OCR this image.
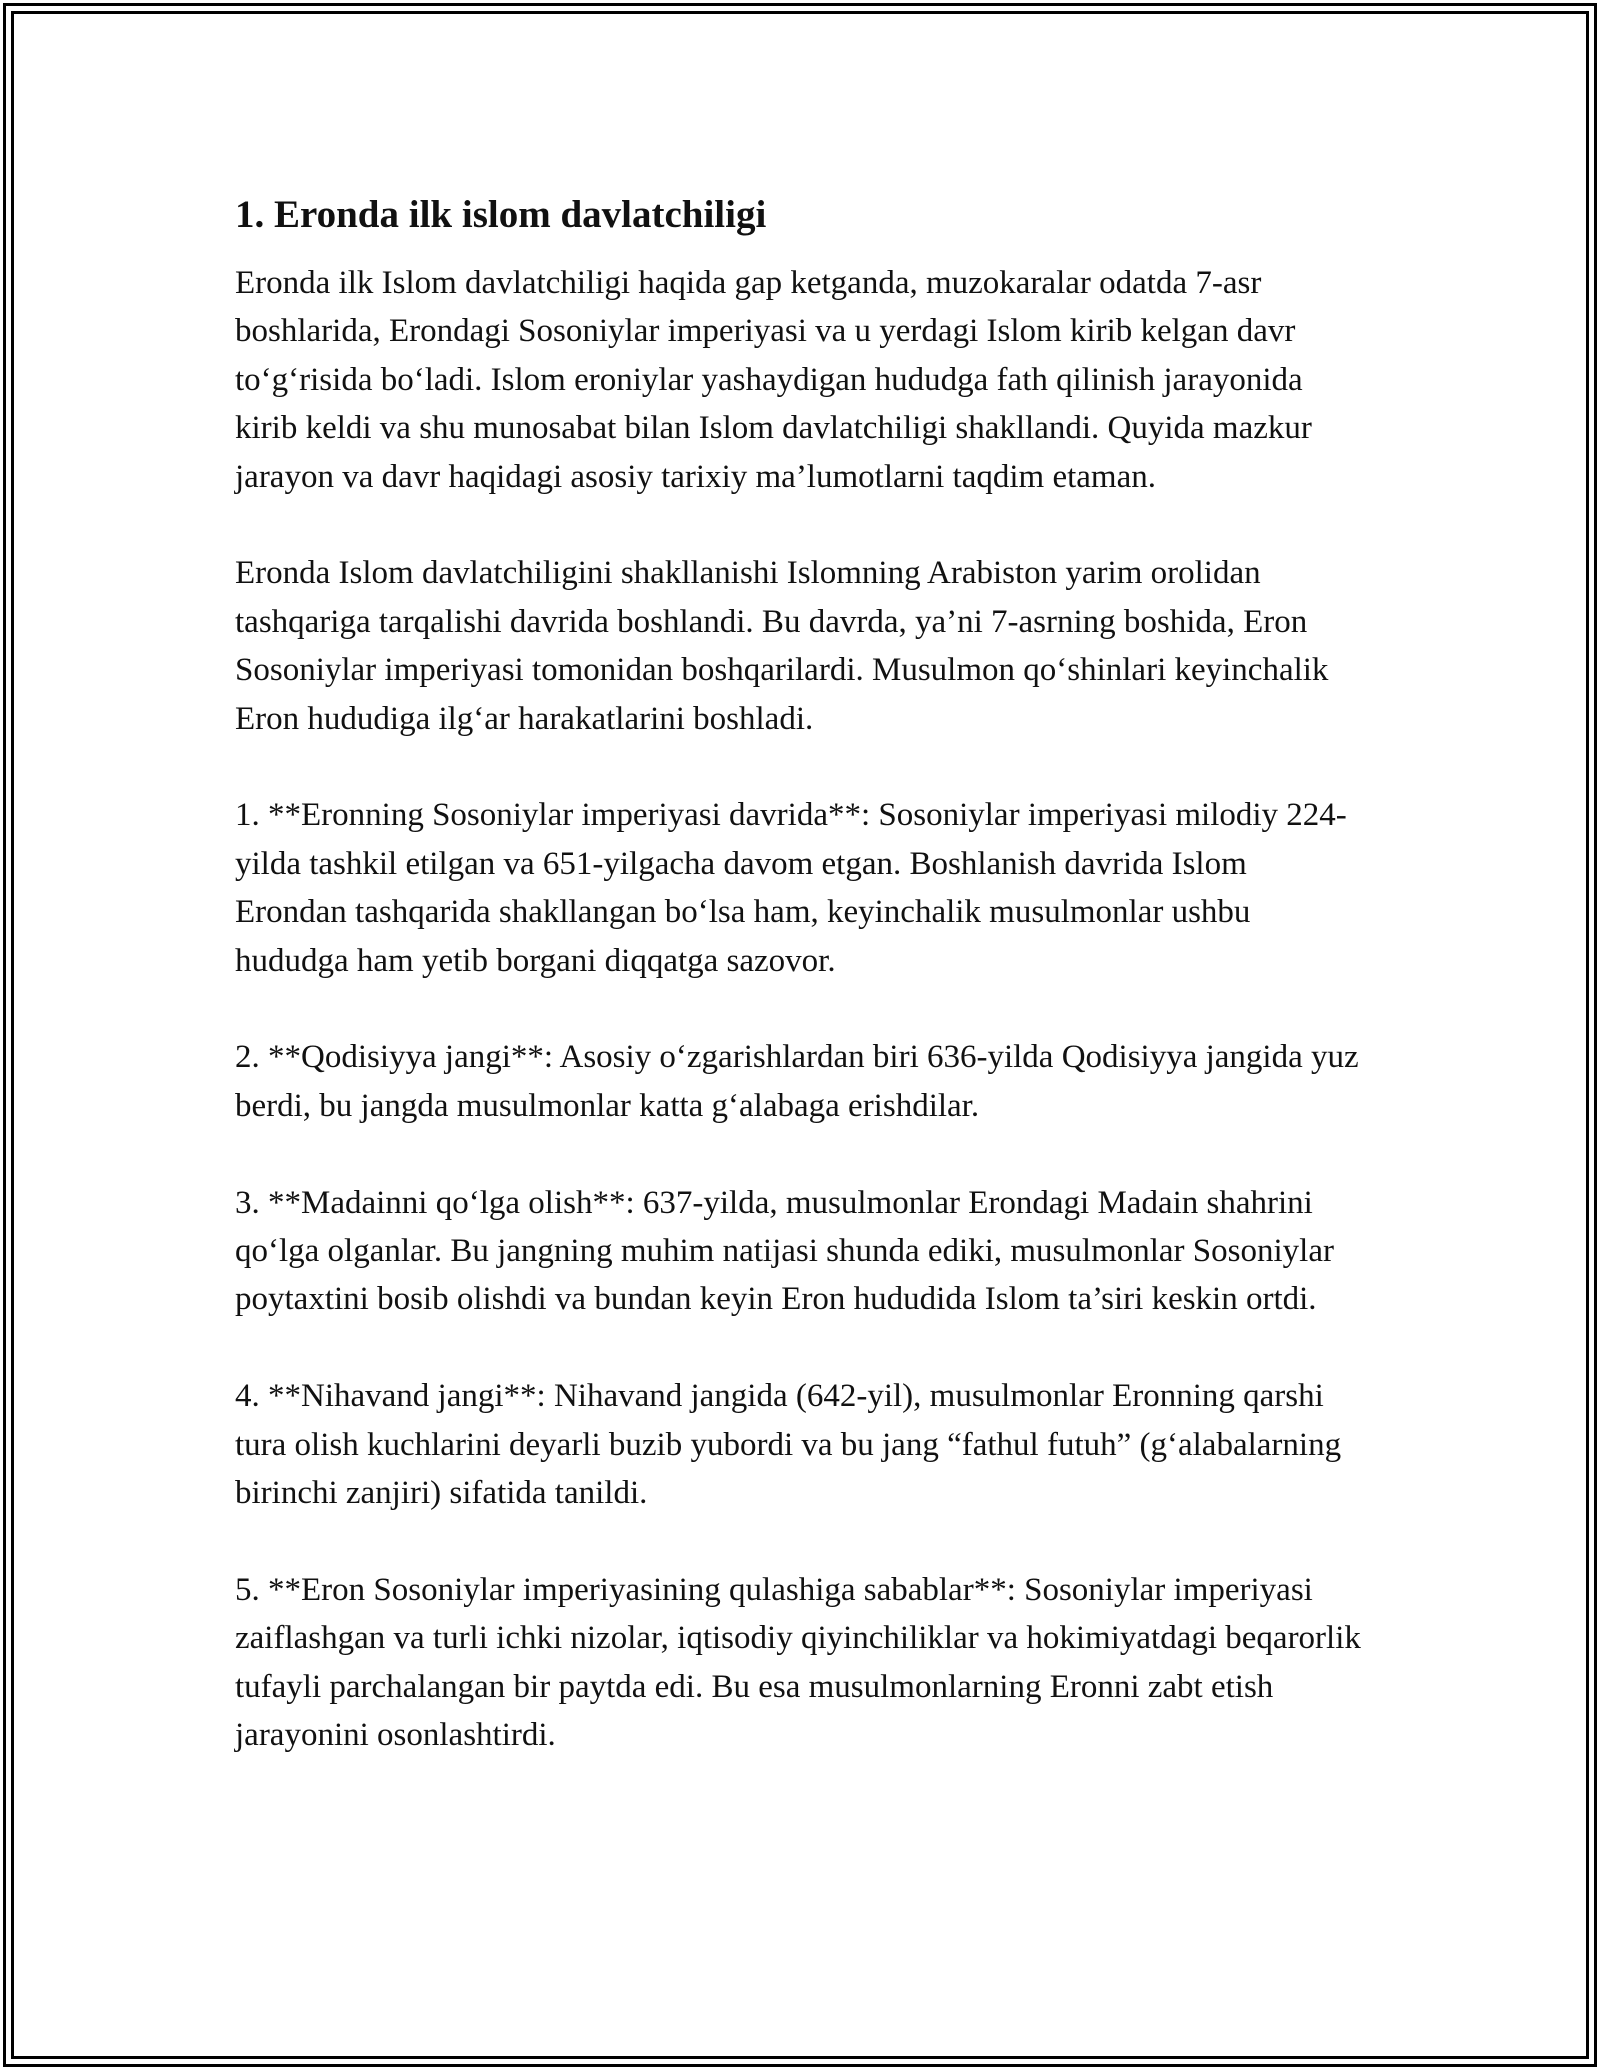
1. Eronda ilk islom davlatchiligi

Eronda ilk Islom davlatchiligi haqida gap ketganda, muzokaralar odatda 7-asr boshlarida, Erondagi Sosoniylar imperiyasi va u yerdagi Islom kirib kelgan davr to‘g‘risida bo‘ladi. Islom eroniylar yashaydigan hududga fath qilinish jarayonida kirib keldi va shu munosabat bilan Islom davlatchiligi shakllandi. Quyida mazkur jarayon va davr haqidagi asosiy tarixiy ma’lumotlarni taqdim etaman.

Eronda Islom davlatchiligini shakllanishi Islomning Arabiston yarim orolidan tashqariga tarqalishi davrida boshlandi. Bu davrda, ya’ni 7-asrning boshida, Eron Sosoniylar imperiyasi tomonidan boshqarilardi. Musulmon qo‘shinlari keyinchalik Eron hududiga ilg‘ar harakatlarini boshladi.

1. **Eronning Sosoniylar imperiyasi davrida**: Sosoniylar imperiyasi milodiy 224-yilda tashkil etilgan va 651-yilgacha davom etgan. Boshlanish davrida Islom Erondan tashqarida shakllangan bo‘lsa ham, keyinchalik musulmonlar ushbu hududga ham yetib borgani diqqatga sazovor.

2. **Qodisiyya jangi**: Asosiy o‘zgarishlardan biri 636-yilda Qodisiyya jangida yuz berdi, bu jangda musulmonlar katta g‘alabaga erishdilar.

3. **Madainni qo‘lga olish**: 637-yilda, musulmonlar Erondagi Madain shahrini qo‘lga olganlar. Bu jangning muhim natijasi shunda ediki, musulmonlar Sosoniylar poytaxtini bosib olishdi va bundan keyin Eron hududida Islom ta’siri keskin ortdi.

4. **Nihavand jangi**: Nihavand jangida (642-yil), musulmonlar Eronning qarshi tura olish kuchlarini deyarli buzib yubordi va bu jang “fathul futuh” (g‘alabalarning birinchi zanjiri) sifatida tanildi.

5. **Eron Sosoniylar imperiyasining qulashiga sabablar**: Sosoniylar imperiyasi zaiflashgan va turli ichki nizolar, iqtisodiy qiyinchiliklar va hokimiyatdagi beqarorlik tufayli parchalangan bir paytda edi. Bu esa musulmonlarning Eronni zabt etish jarayonini osonlashtirdi.
